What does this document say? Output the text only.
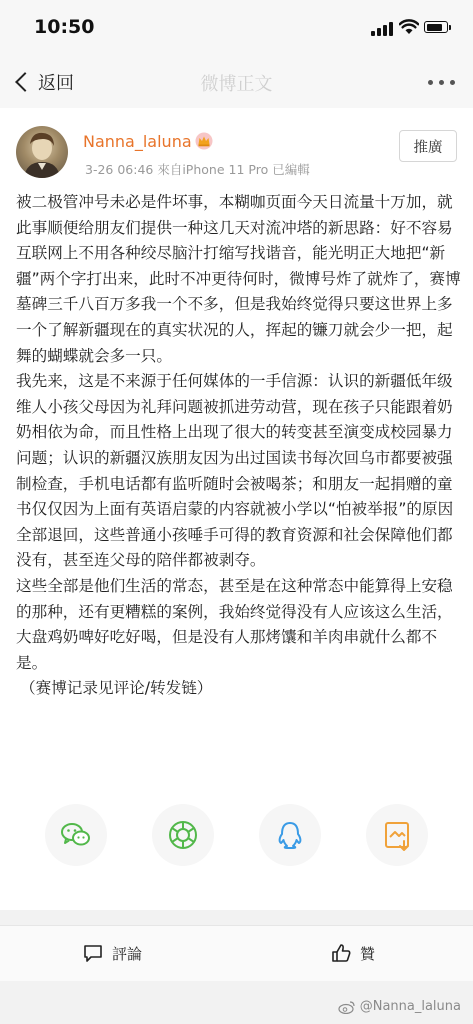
10:50
返回	微博正文
Nanna_laluna
3-26 06:46 來自iPhone 11 Pro 已編輯
推廣

被二极管冲号未必是件坏事，本糊咖页面今天日流量十万加，就此事顺便给朋友们提供一种这几天对流冲塔的新思路：好不容易互联网上不用各种绞尽脑汁打缩写找谐音，能光明正大地把“新疆”两个字打出来，此时不冲更待何时，微博号炸了就炸了，赛博墓碑三千八百万多我一个不多，但是我始终觉得只要这世界上多一个了解新疆现在的真实状况的人，挥起的镰刀就会少一把，起舞的蝴蝶就会多一只。

我先来，这是不来源于任何媒体的一手信源：认识的新疆低年级维人小孩父母因为礼拜问题被抓进劳动营，现在孩子只能跟着奶奶相依为命，而且性格上出现了很大的转变甚至演变成校园暴力问题；认识的新疆汉族朋友因为出过国读书每次回乌市都要被强制检查，手机电话都有监听随时会被喝茶；和朋友一起捐赠的童书仅仅因为上面有英语启蒙的内容就被小学以“怕被举报”的原因全部退回，这些普通小孩唾手可得的教育资源和社会保障他们都没有，甚至连父母的陪伴都被剥夺。

这些全部是他们生活的常态，甚至是在这种常态中能算得上安稳的那种，还有更糟糕的案例，我始终觉得没有人应该这么生活，大盘鸡奶啤好吃好喝，但是没有人那烤馕和羊肉串就什么都不是。

（赛博记录见评论/转发链）

評論	贊
@Nanna_laluna
